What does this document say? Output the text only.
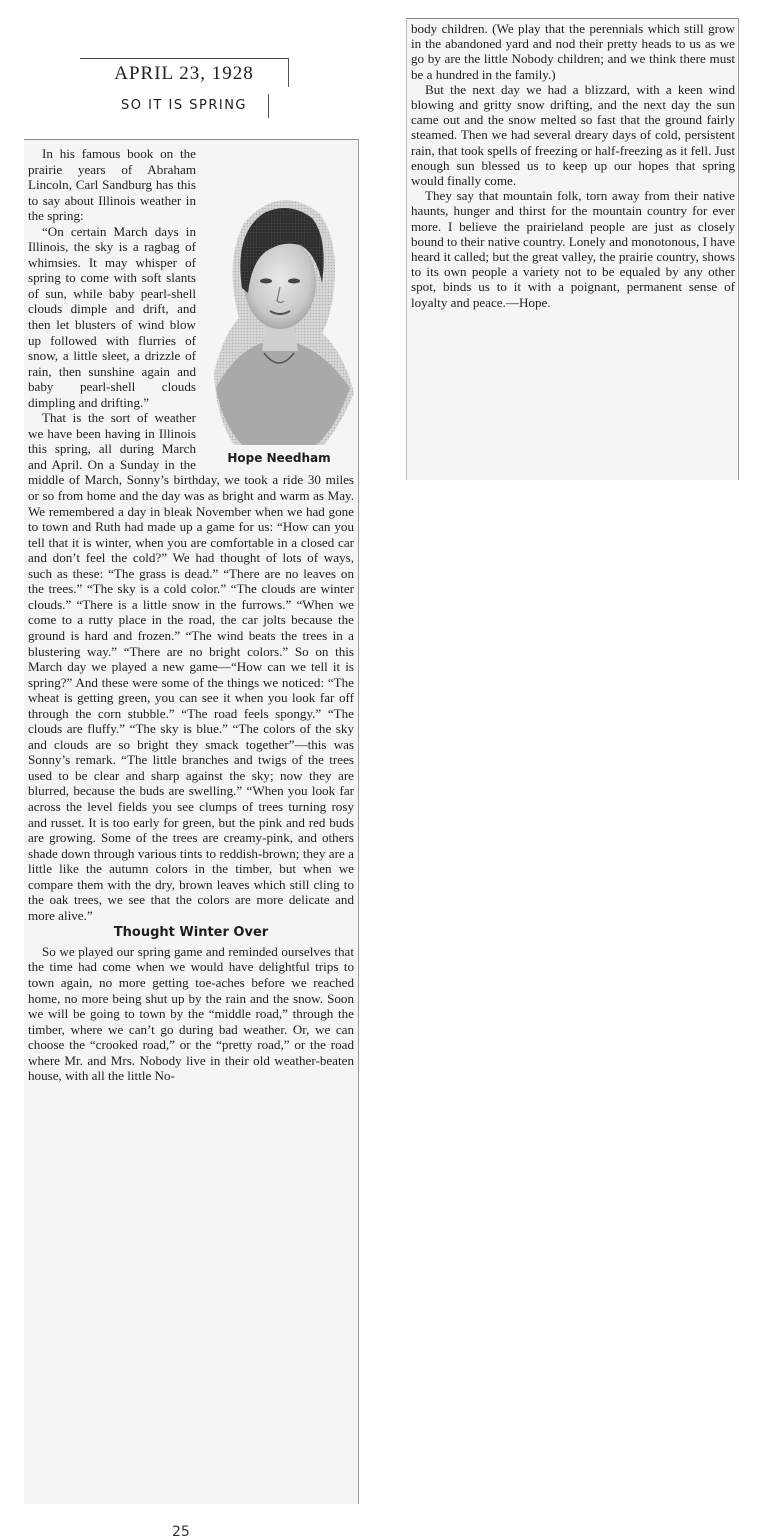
APRIL 23, 1928
SO IT IS SPRING
Hope Needham

In his famous book on the prairie years of Abraham Lincoln, Carl Sandburg has this to say about Illinois weather in the spring:

“On certain March days in Illinois, the sky is a ragbag of whimsies. It may whisper of spring to come with soft slants of sun, while baby pearl-shell clouds dimple and drift, and then let blusters of wind blow up followed with flurries of snow, a little sleet, a drizzle of rain, then sunshine again and baby pearl-shell clouds dimpling and drifting.”

That is the sort of weather we have been having in Illinois this spring, all during March and April. On a Sunday in the middle of March, Sonny’s birthday, we took a ride 30 miles or so from home and the day was as bright and warm as May. We remembered a day in bleak November when we had gone to town and Ruth had made up a game for us: “How can you tell that it is winter, when you are comfortable in a closed car and don’t feel the cold?” We had thought of lots of ways, such as these: “The grass is dead.” “There are no leaves on the trees.” “The sky is a cold color.” “The clouds are winter clouds.” “There is a little snow in the furrows.” “When we come to a rutty place in the road, the car jolts because the ground is hard and frozen.” “The wind beats the trees in a blustering way.” “There are no bright colors.” So on this March day we played a new game—“How can we tell it is spring?” And these were some of the things we noticed: “The wheat is getting green, you can see it when you look far off through the corn stubble.” “The road feels spongy.” “The clouds are fluffy.” “The sky is blue.” “The colors of the sky and clouds are so bright they smack together”—this was Sonny’s remark. “The little branches and twigs of the trees used to be clear and sharp against the sky; now they are blurred, because the buds are swelling.” “When you look far across the level fields you see clumps of trees turning rosy and russet. It is too early for green, but the pink and red buds are growing. Some of the trees are creamy-pink, and others shade down through various tints to reddish-brown; they are a little like the autumn colors in the timber, but when we compare them with the dry, brown leaves which still cling to the oak trees, we see that the colors are more delicate and more alive.”

Thought Winter Over

So we played our spring game and reminded ourselves that the time had come when we would have delightful trips to town again, no more getting toe-aches before we reached home, no more being shut up by the rain and the snow. Soon we will be going to town by the “middle road,” through the timber, where we can’t go during bad weather. Or, we can choose the “crooked road,” or the “pretty road,” or the road where Mr. and Mrs. Nobody live in their old weather-beaten house, with all the little No-

body children. (We play that the perennials which still grow in the abandoned yard and nod their pretty heads to us as we go by are the little Nobody children; and we think there must be a hundred in the family.)

But the next day we had a blizzard, with a keen wind blowing and gritty snow drifting, and the next day the sun came out and the snow melted so fast that the ground fairly steamed. Then we had several dreary days of cold, persistent rain, that took spells of freezing or half-freezing as it fell. Just enough sun blessed us to keep up our hopes that spring would finally come.

They say that mountain folk, torn away from their native haunts, hunger and thirst for the mountain country for ever more. I believe the prairieland people are just as closely bound to their native country. Lonely and monotonous, I have heard it called; but the great valley, the prairie country, shows to its own people a variety not to be equaled by any other spot, binds us to it with a poignant, permanent sense of loyalty and peace.—Hope.

25
